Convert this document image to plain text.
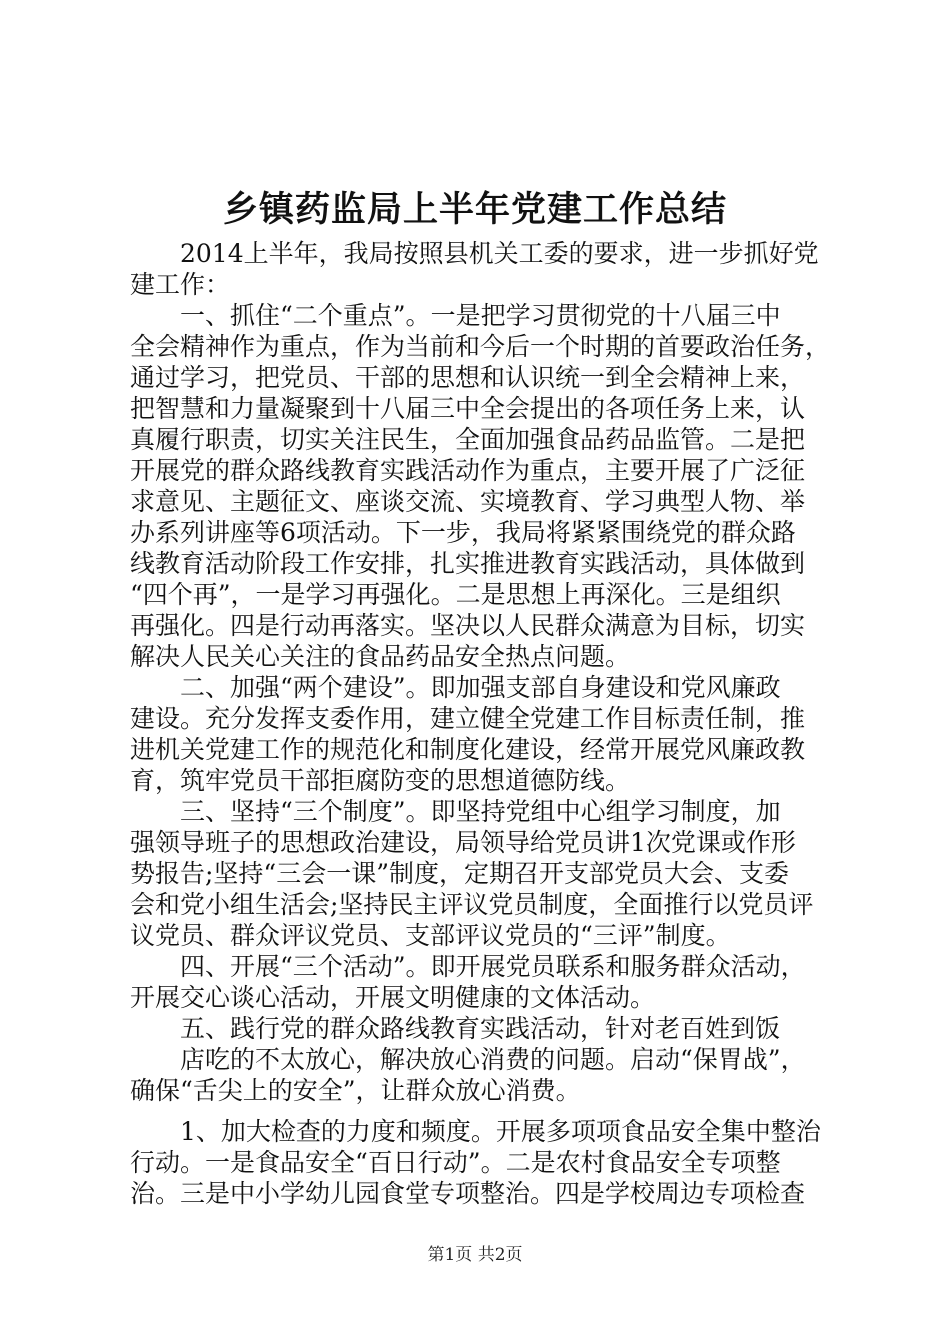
乡镇药监局上半年党建工作总结
　　2014上半年，我局按照县机关工委的要求，进一步抓好党
建工作：
　　一、抓住“二个重点”。一是把学习贯彻党的十八届三中
全会精神作为重点，作为当前和今后一个时期的首要政治任务，
通过学习，把党员、干部的思想和认识统一到全会精神上来，
把智慧和力量凝聚到十八届三中全会提出的各项任务上来，认
真履行职责，切实关注民生，全面加强食品药品监管。二是把
开展党的群众路线教育实践活动作为重点，主要开展了广泛征
求意见、主题征文、座谈交流、实境教育、学习典型人物、举
办系列讲座等6项活动。下一步，我局将紧紧围绕党的群众路
线教育活动阶段工作安排，扎实推进教育实践活动，具体做到
“四个再”，一是学习再强化。二是思想上再深化。三是组织
再强化。四是行动再落实。坚决以人民群众满意为目标，切实
解决人民关心关注的食品药品安全热点问题。
　　二、加强“两个建设”。即加强支部自身建设和党风廉政
建设。充分发挥支委作用，建立健全党建工作目标责任制，推
进机关党建工作的规范化和制度化建设，经常开展党风廉政教
育，筑牢党员干部拒腐防变的思想道德防线。
　　三、坚持“三个制度”。即坚持党组中心组学习制度，加
强领导班子的思想政治建设，局领导给党员讲1次党课或作形
势报告;坚持“三会一课”制度，定期召开支部党员大会、支委
会和党小组生活会;坚持民主评议党员制度，全面推行以党员评
议党员、群众评议党员、支部评议党员的“三评”制度。
　　四、开展“三个活动”。即开展党员联系和服务群众活动，
开展交心谈心活动，开展文明健康的文体活动。
　　五、践行党的群众路线教育实践活动，针对老百姓到饭
　　店吃的不太放心，解决放心消费的问题。启动“保胃战”，
确保“舌尖上的安全”，让群众放心消费。
　　1、加大检查的力度和频度。开展多项项食品安全集中整治
行动。一是食品安全“百日行动”。二是农村食品安全专项整
治。三是中小学幼儿园食堂专项整治。四是学校周边专项检查
第1页 共2页
